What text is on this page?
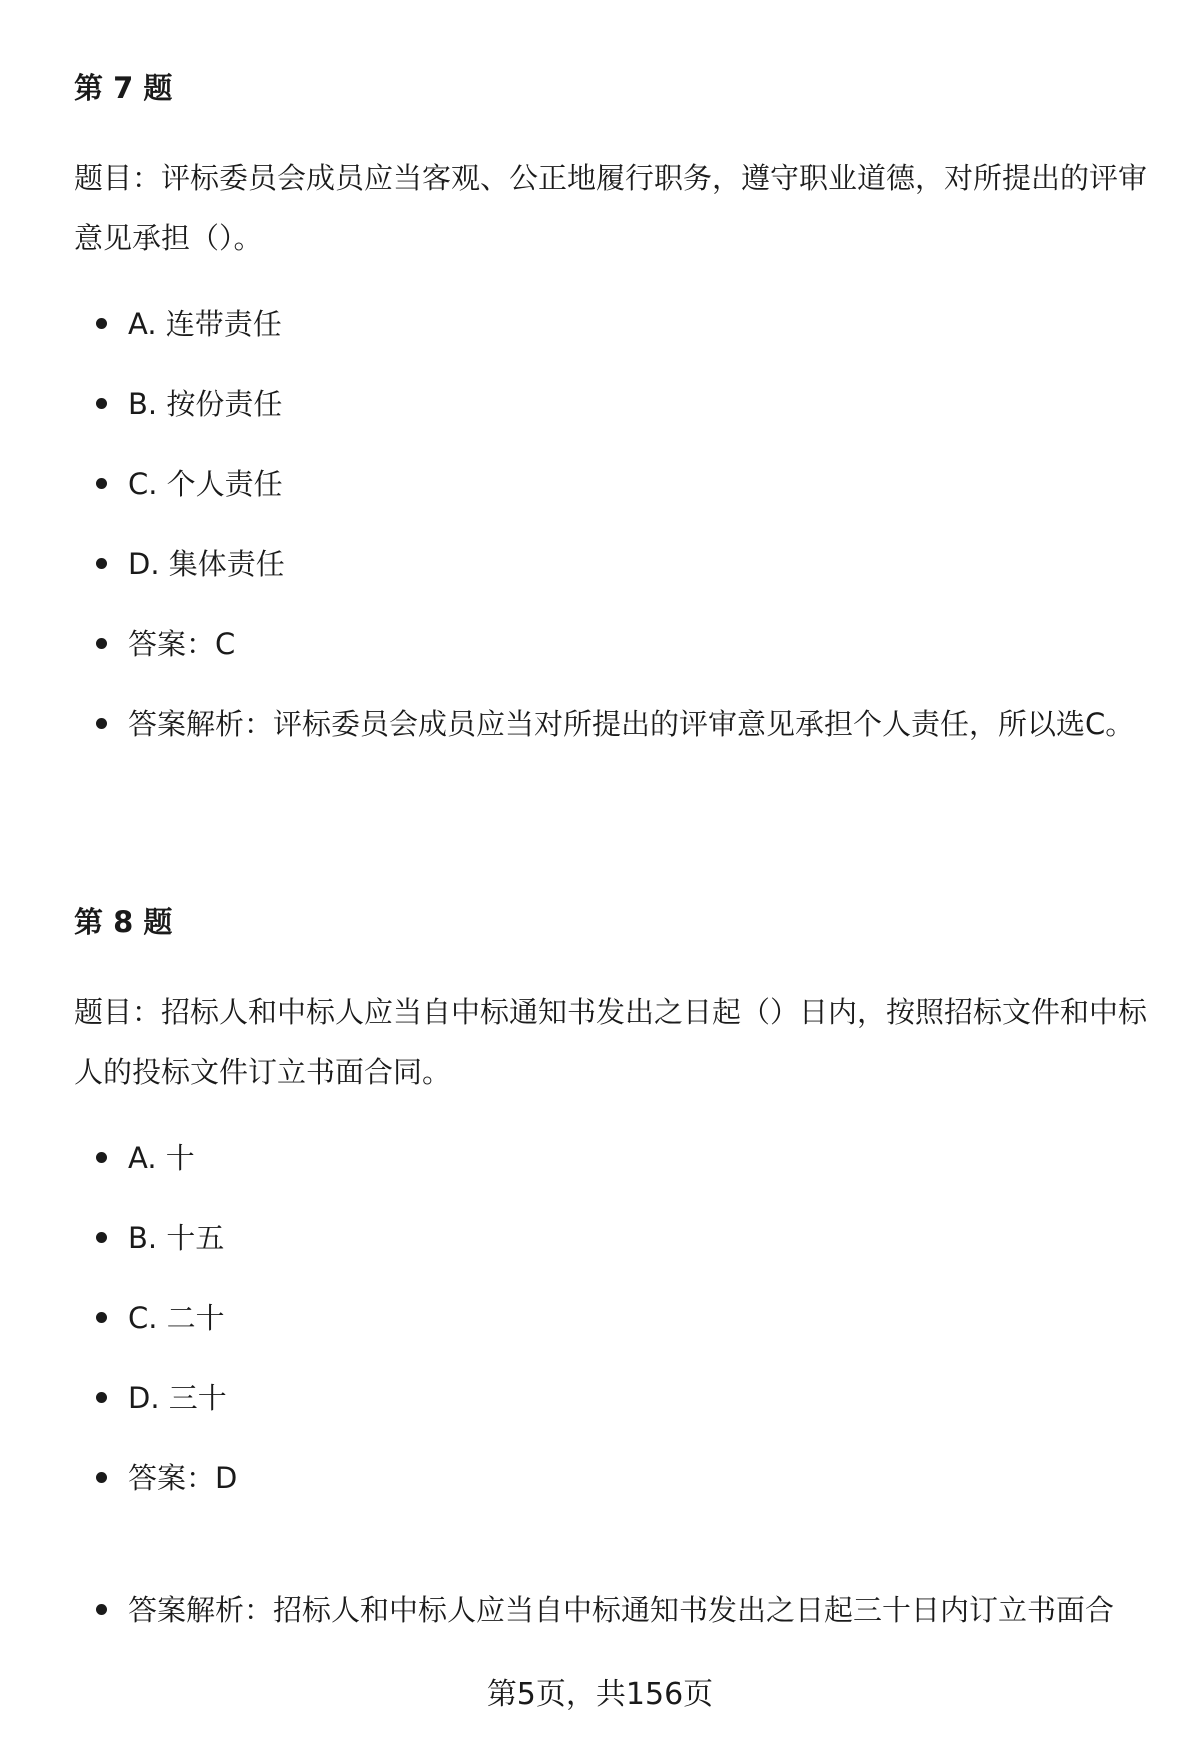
第 7 题

题目：评标委员会成员应当客观、公正地履行职务，遵守职业道德，对所提出的评审意见承担（）。

A. 连带责任
B. 按份责任
C. 个人责任
D. 集体责任
答案：C
答案解析：评标委员会成员应当对所提出的评审意见承担个人责任，所以选C。
第 8 题

题目：招标人和中标人应当自中标通知书发出之日起（）日内，按照招标文件和中标人的投标文件订立书面合同。

A. 十
B. 十五
C. 二十
D. 三十
答案：D
答案解析：招标人和中标人应当自中标通知书发出之日起三十日内订立书面合
第5页，共156页
